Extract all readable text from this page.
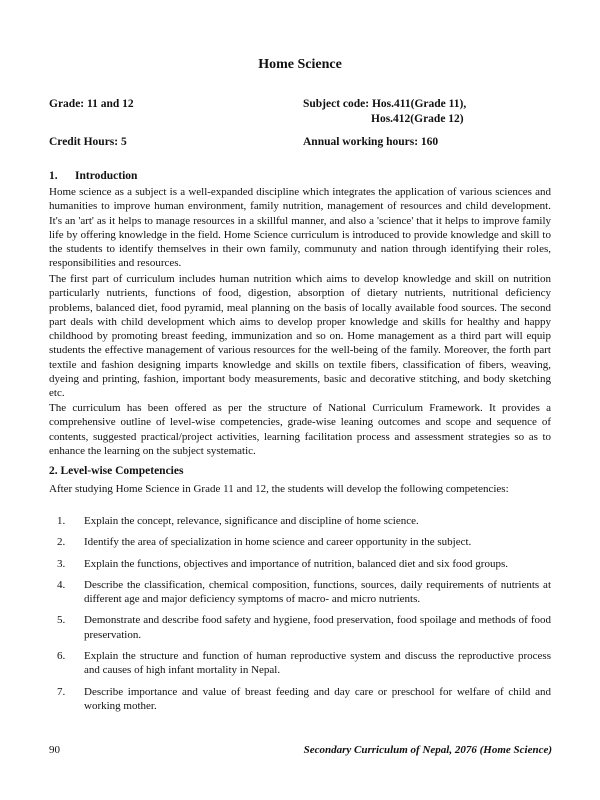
Home Science
Grade: 11 and 12	Subject code: Hos.411(Grade 11),
Hos.412(Grade 12)
Credit Hours: 5	Annual working hours: 160
1. Introduction

Home science as a subject is a well-expanded discipline which integrates the application of various sciences and humanities to improve human environment, family nutrition, management of resources and child development. It's an 'art' as it helps to manage resources in a skillful manner, and also a 'science' that it helps to improve family life by offering knowledge in the field. Home Science curriculum is introduced to provide knowledge and skill to the students to identify themselves in their own family, communuty and nation through identifying their roles, responsibilities and resources.

The first part of curriculum includes human nutrition which aims to develop knowledge and skill on nutrition particularly nutrients, functions of food, digestion, absorption of dietary nutrients, nutritional deficiency problems, balanced diet, food pyramid, meal planning on the basis of locally available food sources. The second part deals with child development which aims to develop proper knowledge and skills for healthy and happy childhood by promoting breast feeding, immunization and so on. Home management as a third part will equip students the effective management of various resources for the well-being of the family. Moreover, the forth part textile and fashion designing imparts knowledge and skills on textile fibers, classification of fibers, weaving, dyeing and printing, fashion, important body measurements, basic and decorative stitching, and body sketching etc.

The curriculum has been offered as per the structure of National Curriculum Framework. It provides a comprehensive outline of level-wise competencies, grade-wise leaning outcomes and scope and sequence of contents, suggested practical/project activities, learning facilitation process and assessment strategies so as to enhance the learning on the subject systematic.

2. Level-wise Competencies

After studying Home Science in Grade 11 and 12, the students will develop the following competencies:

1.	Explain the concept, relevance, significance and discipline of home science.
2.	Identify the area of specialization in home science and career opportunity in the subject.
3.	Explain the functions, objectives and importance of nutrition, balanced diet and six food groups.
4.	Describe the classification, chemical composition, functions, sources, daily requirements of nutrients at different age and major deficiency symptoms of macro- and micro nutrients.
5.	Demonstrate and describe food safety and hygiene, food preservation, food spoilage and methods of food preservation.
6.	Explain the structure and function of human reproductive system and discuss the reproductive process and causes of high infant mortality in Nepal.
7.	Describe importance and value of breast feeding and day care or preschool for welfare of child and working mother.
90	Secondary Curriculum of Nepal, 2076 (Home Science)
